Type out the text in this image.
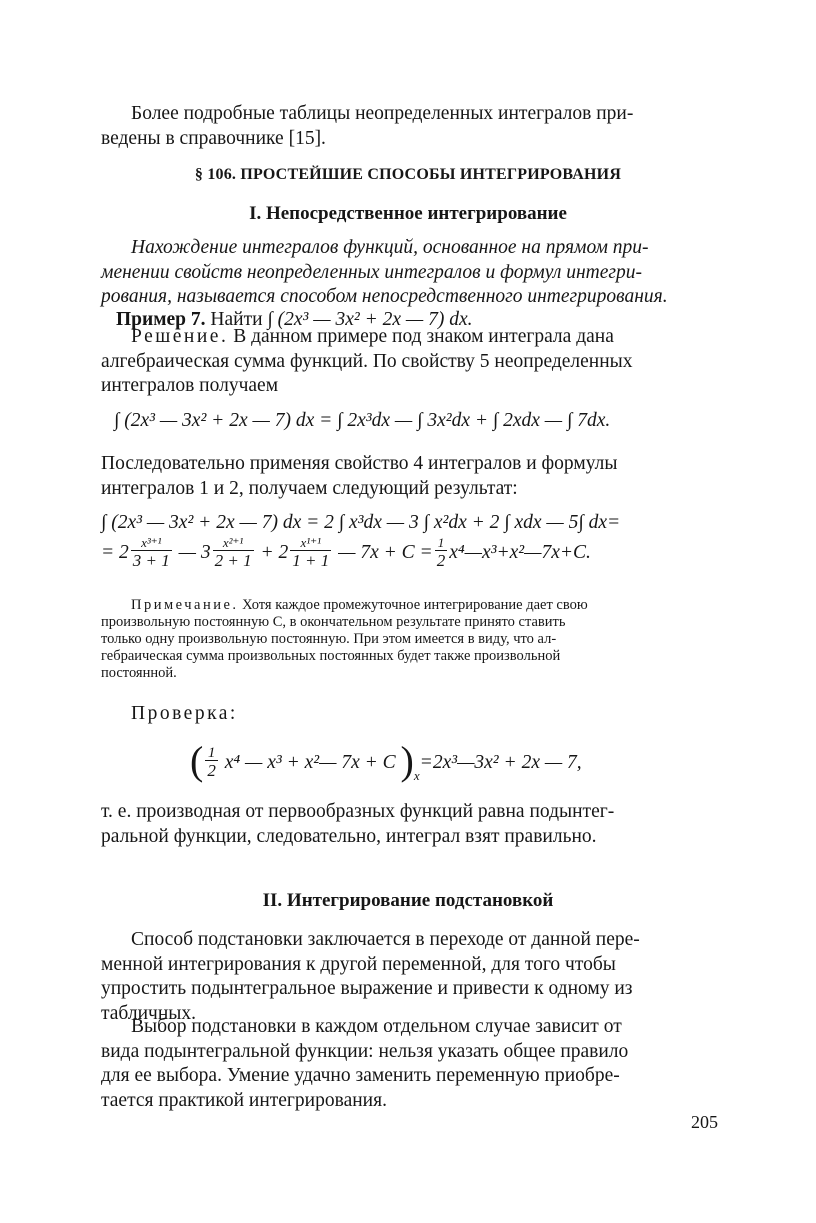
Более подробные таблицы неопределенных интегралов при-
ведены в справочнике [15].
§ 106. ПРОСТЕЙШИЕ СПОСОБЫ ИНТЕГРИРОВАНИЯ
I. Непосредственное интегрирование
Нахождение интегралов функций, основанное на прямом при-
менении свойств неопределенных интегралов и формул интегри-
рования, называется способом непосредственного интегрирования.
Пример 7. Найти ∫ (2x³ — 3x² + 2x — 7) dx.
Решение. В данном примере под знаком интеграла дана
алгебраическая сумма функций. По свойству 5 неопределенных
интегралов получаем
∫ (2x³ — 3x² + 2x — 7) dx = ∫ 2x³dx — ∫ 3x²dx + ∫ 2xdx — ∫ 7dx.
Последовательно применяя свойство 4 интегралов и формулы
интегралов 1 и 2, получаем следующий результат:
∫ (2x³ — 3x² + 2x — 7) dx = 2 ∫ x³dx — 3 ∫ x²dx + 2 ∫ xdx — 5∫ dx=
= $2 \frac{\text{x³⁺¹}}{3 + 1}$ — $3 \frac{\text{x²⁺¹}}{2 + 1} + 2 \frac{\text{x¹⁺¹}}{1 + 1}$ — $7x + C = \frac{1}{2}$ x⁴—x³+x²—7x+C.
Примечание. Хотя каждое промежуточное интегрирование дает свою
произвольную постоянную C, в окончательном результате принято ставить
только одну произвольную постоянную. При этом имеется в виду, что ал-
гебраическая сумма произвольных постоянных будет также произвольной
постоянной.
Проверка:
( $\frac{1}{2} x^4$ — x³ + x²— 7x + C )$_x=2x^3—3x^2 + 2x$ — 7,
т. е. производная от первообразных функций равна подынтег-
ральной функции, следовательно, интеграл взят правильно.
II. Интегрирование подстановкой
Способ подстановки заключается в переходе от данной пере-
менной интегрирования к другой переменной, для того чтобы
упростить подынтегральное выражение и привести к одному из
табличных.
Выбор подстановки в каждом отдельном случае зависит от
вида подынтегральной функции: нельзя указать общее правило
для ее выбора. Умение удачно заменить переменную приобре-
тается практикой интегрирования.
205
